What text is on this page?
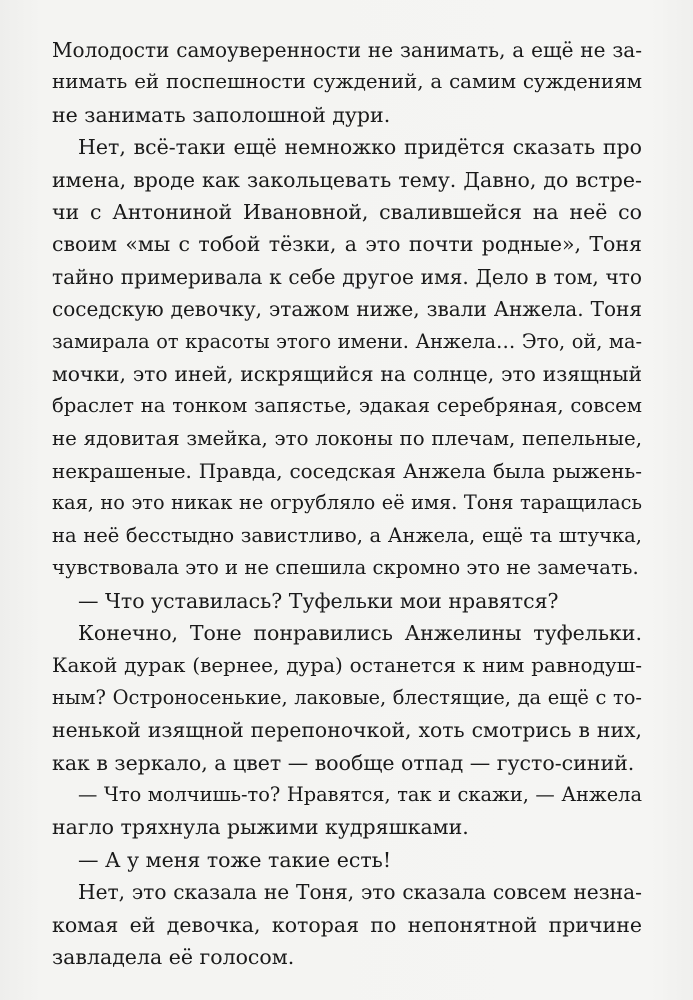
Молодости самоуверенности не занимать, а ещё не за-
нимать ей поспешности суждений, а самим суждениям
не занимать заполошной дури.
Нет, всё-таки ещё немножко придётся сказать про
имена, вроде как закольцевать тему. Давно, до встре-
чи с Антониной Ивановной, свалившейся на неё со
своим «мы с тобой тёзки, а это почти родные», Тоня
тайно примеривала к себе другое имя. Дело в том, что
соседскую девочку, этажом ниже, звали Анжела. Тоня
замирала от красоты этого имени. Анжела… Это, ой, ма-
мочки, это иней, искрящийся на солнце, это изящный
браслет на тонком запястье, эдакая серебряная, совсем
не ядовитая змейка, это локоны по плечам, пепельные,
некрашеные. Правда, соседская Анжела была рыжень-
кая, но это никак не огрубляло её имя. Тоня таращилась
на неё бесстыдно завистливо, а Анжела, ещё та штучка,
чувствовала это и не спешила скромно это не замечать.
— Что уставилась? Туфельки мои нравятся?
Конечно, Тоне понравились Анжелины туфельки.
Какой дурак (вернее, дура) останется к ним равнодуш-
ным? Остроносенькие, лаковые, блестящие, да ещё с то-
ненькой изящной перепоночкой, хоть смотрись в них,
как в зеркало, а цвет — вообще отпад — густо-синий.
— Что молчишь-то? Нравятся, так и скажи, — Анжела
нагло тряхнула рыжими кудряшками.
— А у меня тоже такие есть!
Нет, это сказала не Тоня, это сказала совсем незна-
комая ей девочка, которая по непонятной причине
завладела её голосом.
